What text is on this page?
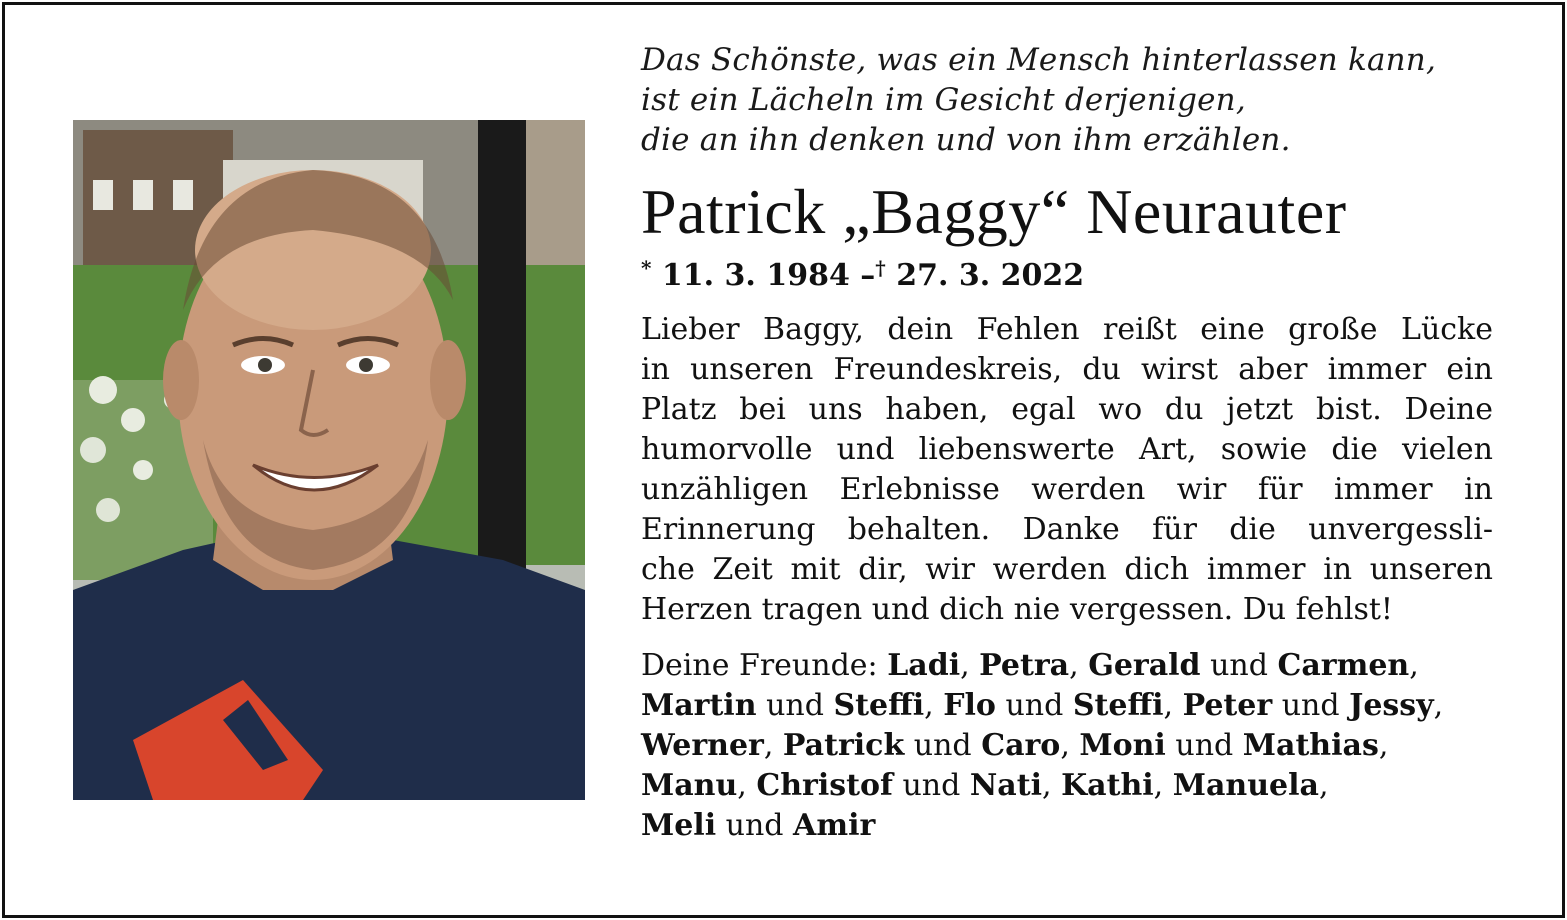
Das Schönste, was ein Mensch hinterlassen kann,
ist ein Lächeln im Gesicht derjenigen,
die an ihn denken und von ihm erzählen.
Patrick „Baggy“ Neurauter
* 11. 3. 1984 –† 27. 3. 2022
Lieber Baggy, dein Fehlen reißt eine große Lücke
in unseren Freundeskreis, du wirst aber immer ein
Platz bei uns haben, egal wo du jetzt bist. Deine
humorvolle und liebenswerte Art, sowie die vielen
unzähligen Erlebnisse werden wir für immer in
Erinnerung behalten. Danke für die unvergessli-
che Zeit mit dir, wir werden dich immer in unseren
Herzen tragen und dich nie vergessen. Du fehlst!
Deine Freunde: Ladi, Petra, Gerald und Carmen,
Martin und Steffi, Flo und Steffi, Peter und Jessy,
Werner, Patrick und Caro, Moni und Mathias,
Manu, Christof und Nati, Kathi, Manuela,
Meli und Amir
